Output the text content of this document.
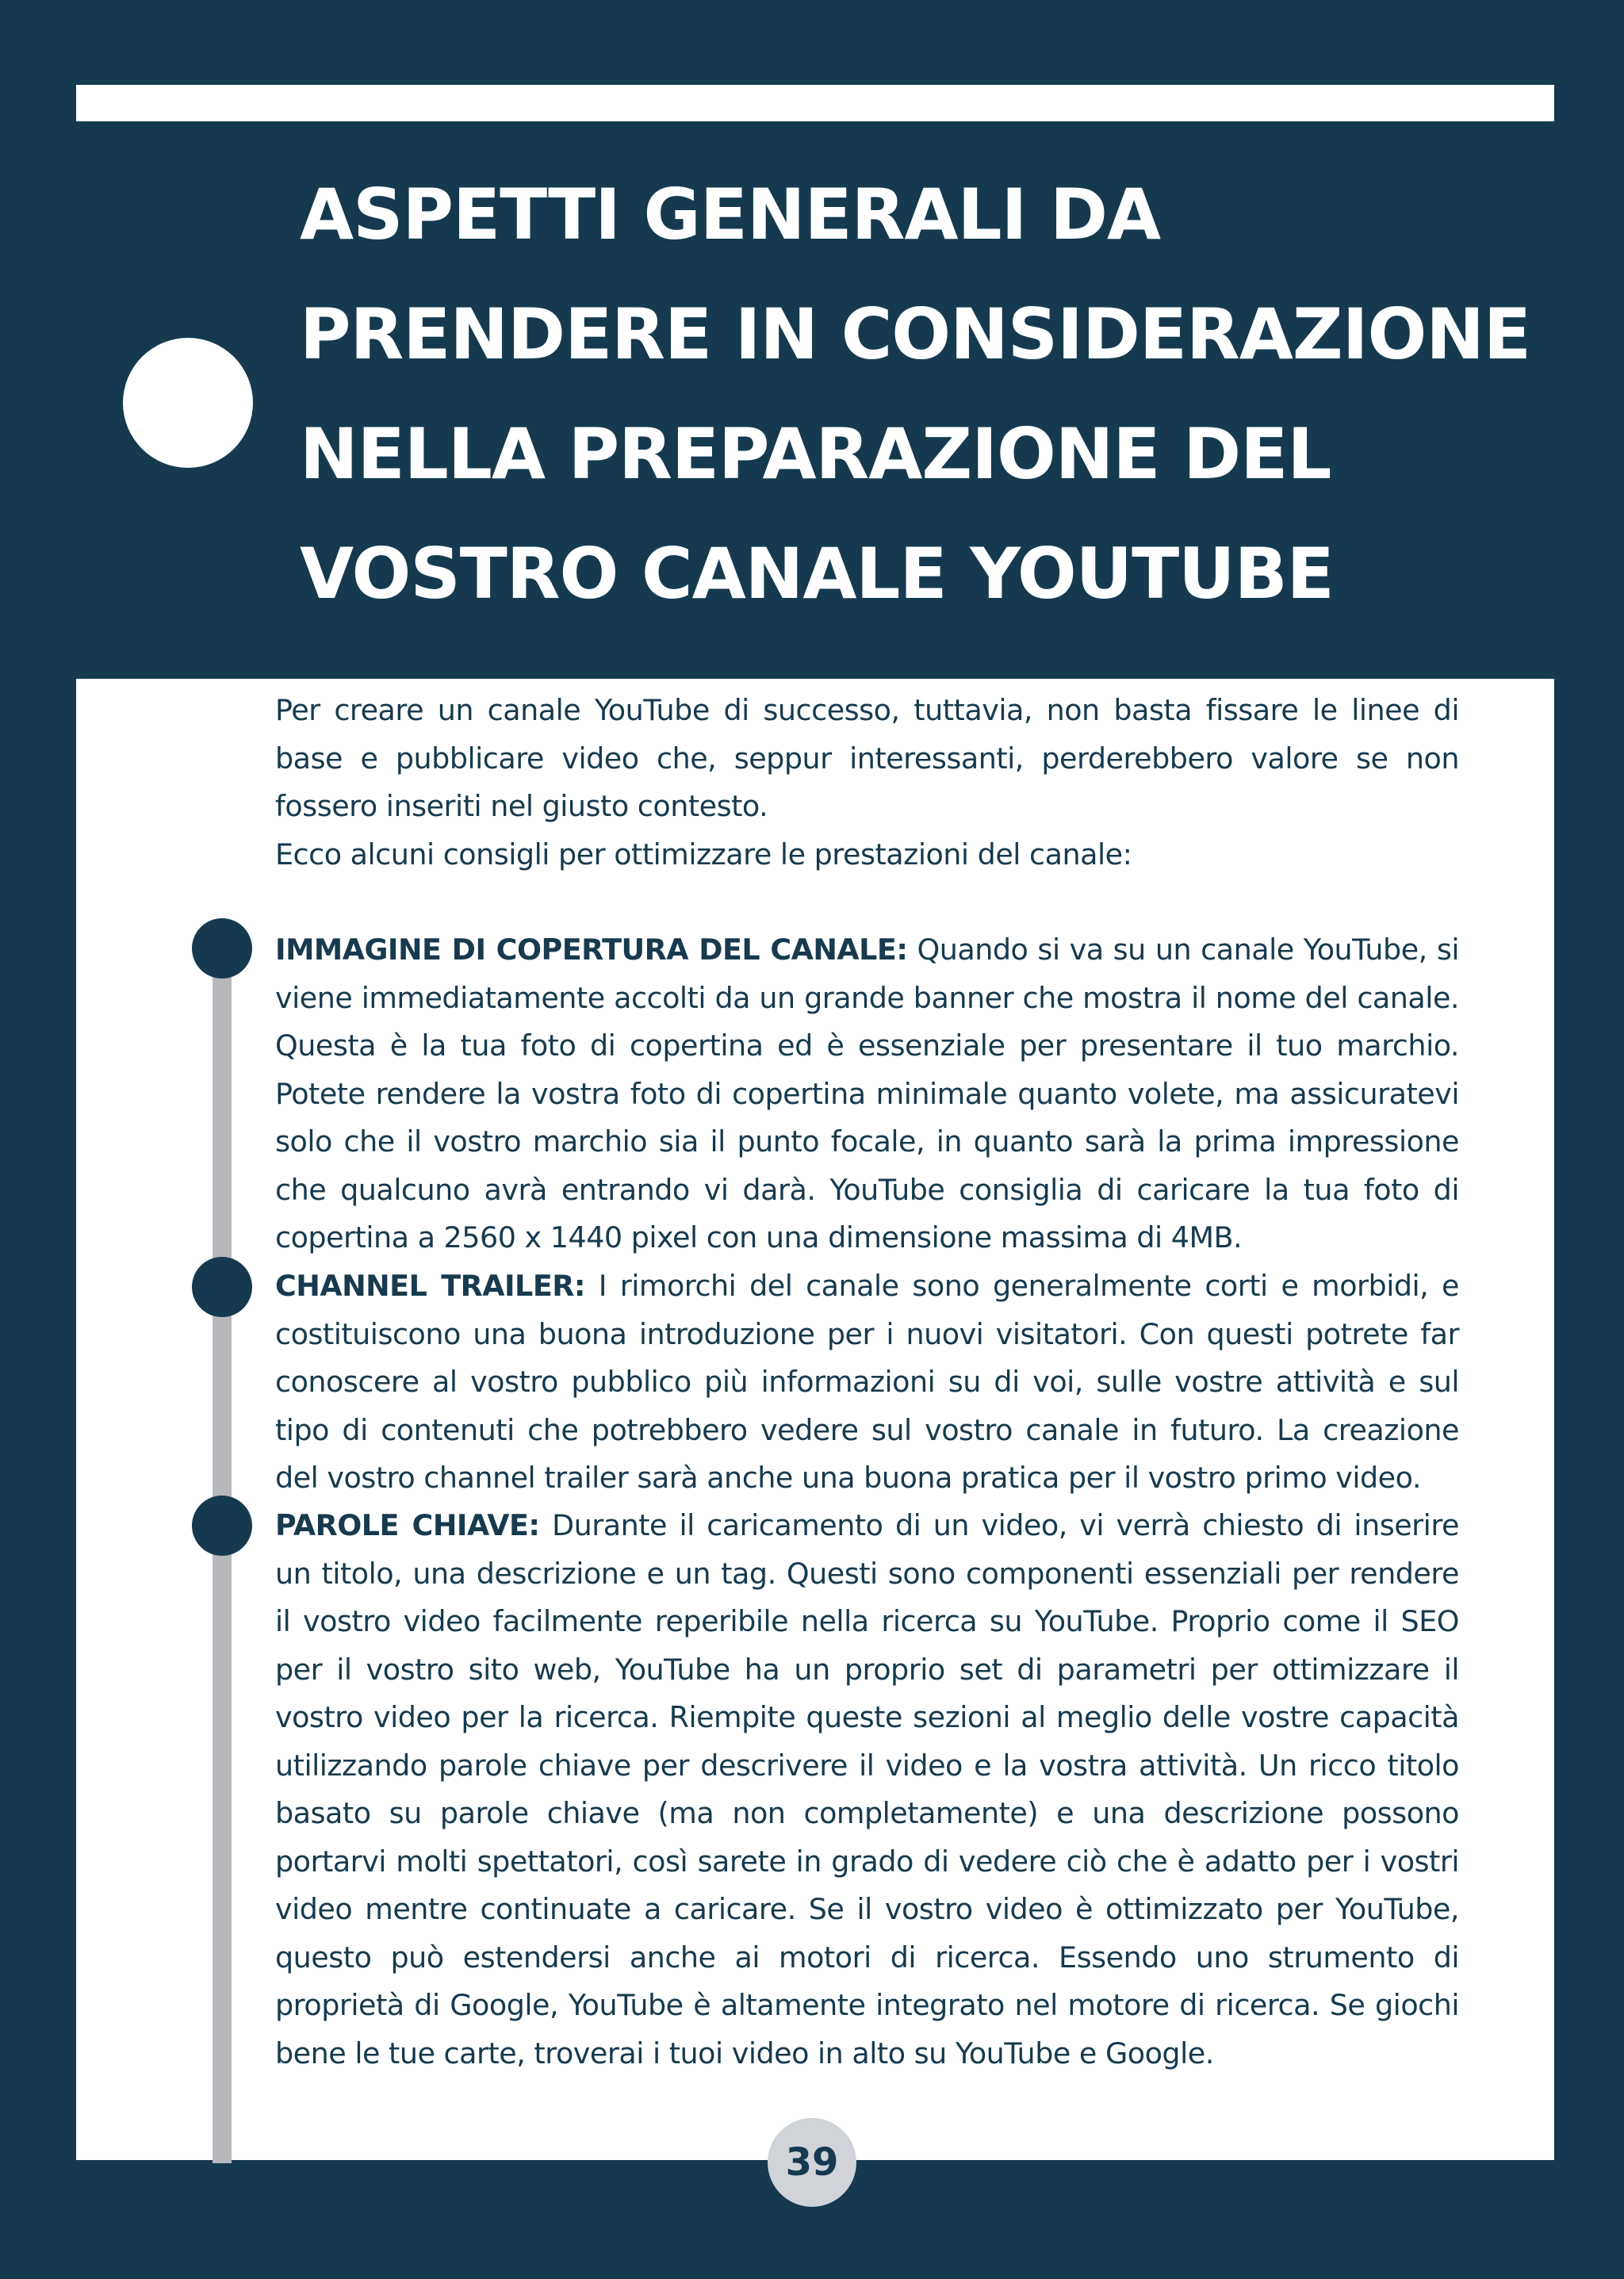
ASPETTI GENERALI DA
PRENDERE IN CONSIDERAZIONE
NELLA PREPARAZIONE DEL
VOSTRO CANALE YOUTUBE

Per creare un canale YouTube di successo, tuttavia, non basta fissare le linee di base e pubblicare video che, seppur interessanti, perderebbero valore se non fossero inseriti nel giusto contesto.

Ecco alcuni consigli per ottimizzare le prestazioni del canale:

IMMAGINE DI COPERTURA DEL CANALE: Quando si va su un canale YouTube, si viene immediatamente accolti da un grande banner che mostra il nome del canale. Questa è la tua foto di copertina ed è essenziale per presentare il tuo marchio. Potete rendere la vostra foto di copertina minimale quanto volete, ma assicuratevi solo che il vostro marchio sia il punto focale, in quanto sarà la prima impressione che qualcuno avrà entrando vi darà. YouTube consiglia di caricare la tua foto di copertina a 2560 x 1440 pixel con una dimensione massima di 4MB.

CHANNEL TRAILER: I rimorchi del canale sono generalmente corti e morbidi, e costituiscono una buona introduzione per i nuovi visitatori. Con questi potrete far conoscere al vostro pubblico più informazioni su di voi, sulle vostre attività e sul tipo di contenuti che potrebbero vedere sul vostro canale in futuro. La creazione del vostro channel trailer sarà anche una buona pratica per il vostro primo video.

PAROLE CHIAVE: Durante il caricamento di un video, vi verrà chiesto di inserire un titolo, una descrizione e un tag. Questi sono componenti essenziali per rendere il vostro video facilmente reperibile nella ricerca su YouTube. Proprio come il SEO per il vostro sito web, YouTube ha un proprio set di parametri per ottimizzare il vostro video per la ricerca. Riempite queste sezioni al meglio delle vostre capacità utilizzando parole chiave per descrivere il video e la vostra attività. Un ricco titolo basato su parole chiave (ma non completamente) e una descrizione possono portarvi molti spettatori, così sarete in grado di vedere ciò che è adatto per i vostri video mentre continuate a caricare. Se il vostro video è ottimizzato per YouTube, questo può estendersi anche ai motori di ricerca. Essendo uno strumento di proprietà di Google, YouTube è altamente integrato nel motore di ricerca. Se giochi bene le tue carte, troverai i tuoi video in alto su YouTube e Google.

39
